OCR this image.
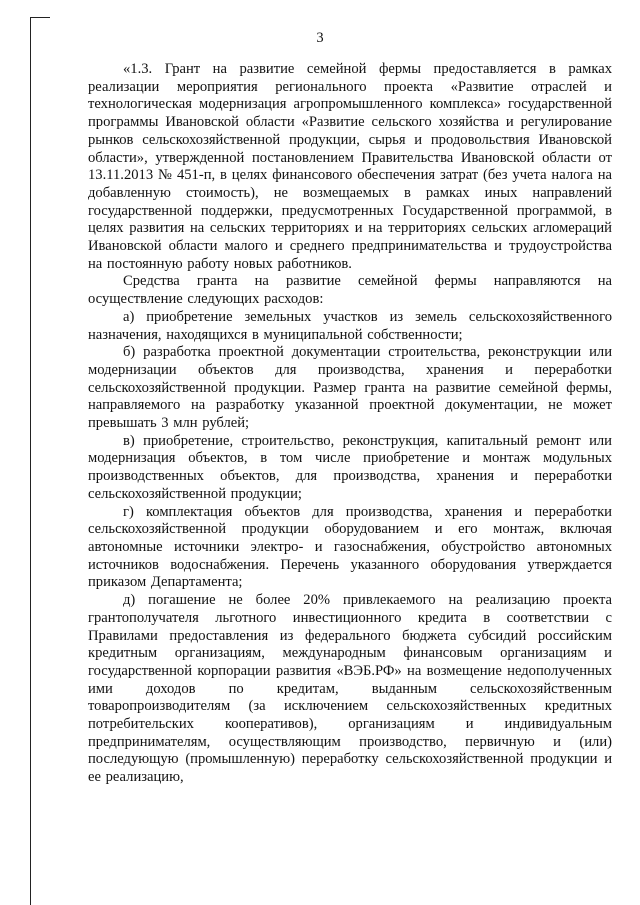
3

«1.3. Грант на развитие семейной фермы предоставляется в рамках реализации мероприятия регионального проекта «Развитие отраслей и технологическая модернизация агропромышленного комплекса» государственной программы Ивановской области «Развитие сельского хозяйства и регулирование рынков сельскохозяйственной продукции, сырья и продовольствия Ивановской области», утвержденной постановлением Правительства Ивановской области от 13.11.2013 № 451-п, в целях финансового обеспечения затрат (без учета налога на добавленную стоимость), не возмещаемых в рамках иных направлений государственной поддержки, предусмотренных Государственной программой, в целях развития на сельских территориях и на территориях сельских агломераций Ивановской области малого и среднего предпринимательства и трудоустройства на постоянную работу новых работников.

Средства гранта на развитие семейной фермы направляются на осуществление следующих расходов:

а) приобретение земельных участков из земель сельскохозяйственного назначения, находящихся в муниципальной собственности;

б) разработка проектной документации строительства, реконструкции или модернизации объектов для производства, хранения и переработки сельскохозяйственной продукции. Размер гранта на развитие семейной фермы, направляемого на разработку указанной проектной документации, не может превышать 3 млн рублей;

в) приобретение, строительство, реконструкция, капитальный ремонт или модернизация объектов, в том числе приобретение и монтаж модульных производственных объектов, для производства, хранения и переработки сельскохозяйственной продукции;

г) комплектация объектов для производства, хранения и переработки сельскохозяйственной продукции оборудованием и его монтаж, включая автономные источники электро- и газоснабжения, обустройство автономных источников водоснабжения. Перечень указанного оборудования утверждается приказом Департамента;

д) погашение не более 20% привлекаемого на реализацию проекта грантополучателя льготного инвестиционного кредита в соответствии с Правилами предоставления из федерального бюджета субсидий российским кредитным организациям, международным финансовым организациям и государственной корпорации развития «ВЭБ.РФ» на возмещение недополученных ими доходов по кредитам, выданным сельскохозяйственным товаропроизводителям (за исключением сельскохозяйственных кредитных потребительских кооперативов), организациям и индивидуальным предпринимателям, осуществляющим производство, первичную и (или) последующую (промышленную) переработку сельскохозяйственной продукции и ее реализацию,
